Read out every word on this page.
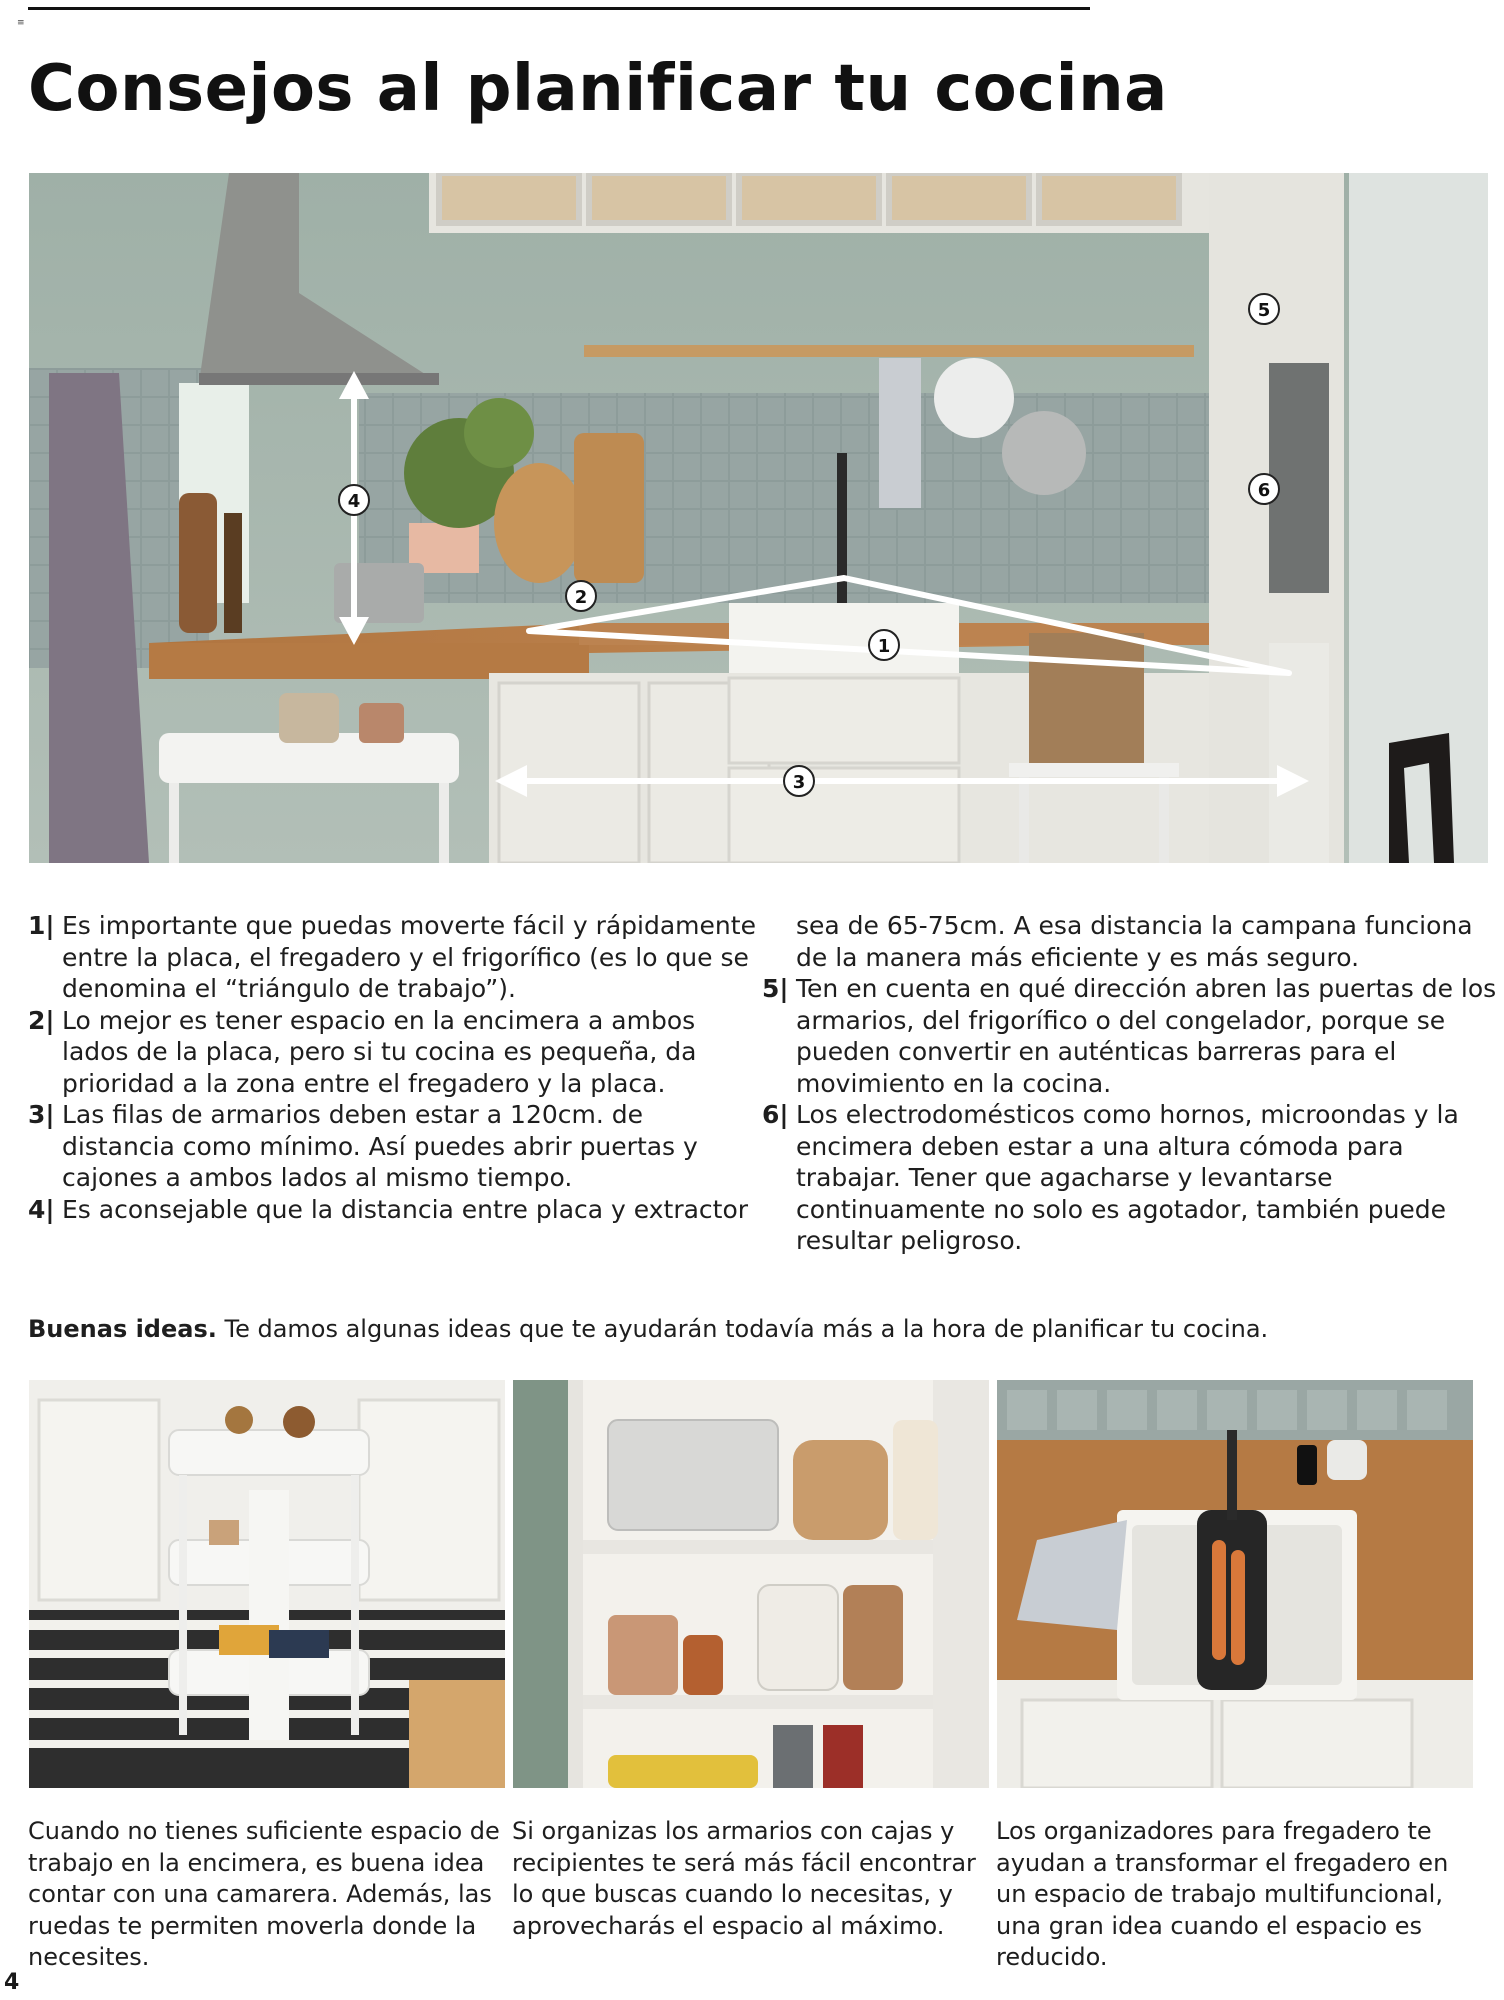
≡
Consejos al planificar tu cocina
1
2
3
4
5
6

1| Es importante que puedas moverte fácil y rápidamente entre la placa, el fregadero y el frigorífico (es lo que se denomina el “triángulo de trabajo”).

2| Lo mejor es tener espacio en la encimera a ambos lados de la placa, pero si tu cocina es pequeña, da prioridad a la zona entre el fregadero y la placa.

3| Las filas de armarios deben estar a 120cm. de distancia como mínimo. Así puedes abrir puertas y cajones a ambos lados al mismo tiempo.

4| Es aconsejable que la distancia entre placa y extractor

sea de 65-75cm. A esa distancia la campana funciona de la manera más eficiente y es más seguro.

5| Ten en cuenta en qué dirección abren las puertas de los armarios, del frigorífico o del congelador, porque se pueden convertir en auténticas barreras para el movimiento en la cocina.

6| Los electrodomésticos como hornos, microondas y la encimera deben estar a una altura cómoda para trabajar. Tener que agacharse y levantarse continuamente no solo es agotador, también puede resultar peligroso.

Buenas ideas. Te damos algunas ideas que te ayudarán todavía más a la hora de planificar tu cocina.
Cuando no tienes suficiente espacio de trabajo en la encimera, es buena idea contar con una camarera. Además, las ruedas te permiten moverla donde la necesites.
Si organizas los armarios con cajas y recipientes te será más fácil encontrar lo que buscas cuando lo necesitas, y aprovecharás el espacio al máximo.
Los organizadores para fregadero te ayudan a transformar el fregadero en un espacio de trabajo multifuncional, una gran idea cuando el espacio es reducido.
4
